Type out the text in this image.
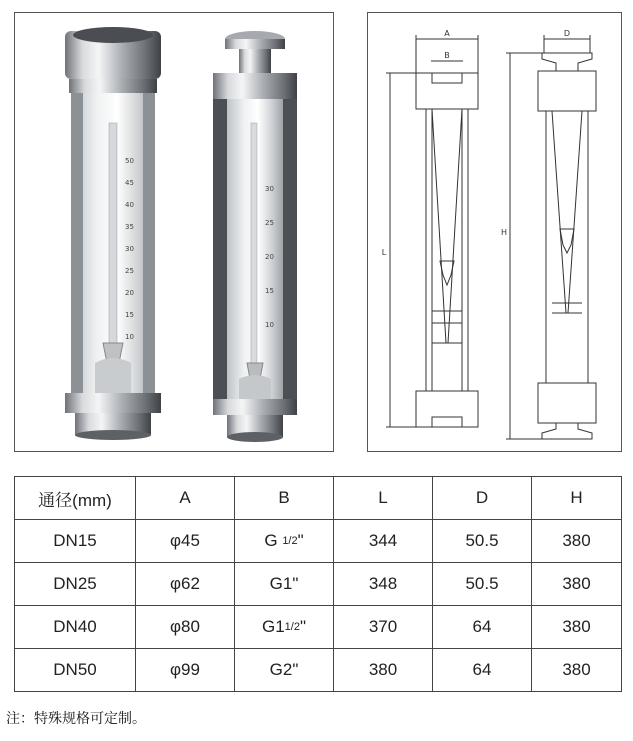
50
45
40
35
30
25
20
15
10
30
25
20
15
10
A
B
L
D
H
通径(mm)	A	B	L	D	H
DN15	φ45	G 1/2"	344	50.5	380
DN25	φ62	G1"	348	50.5	380
DN40	φ80	G11/2"	370	64	380
DN50	φ99	G2"	380	64	380
注：特殊规格可定制。
